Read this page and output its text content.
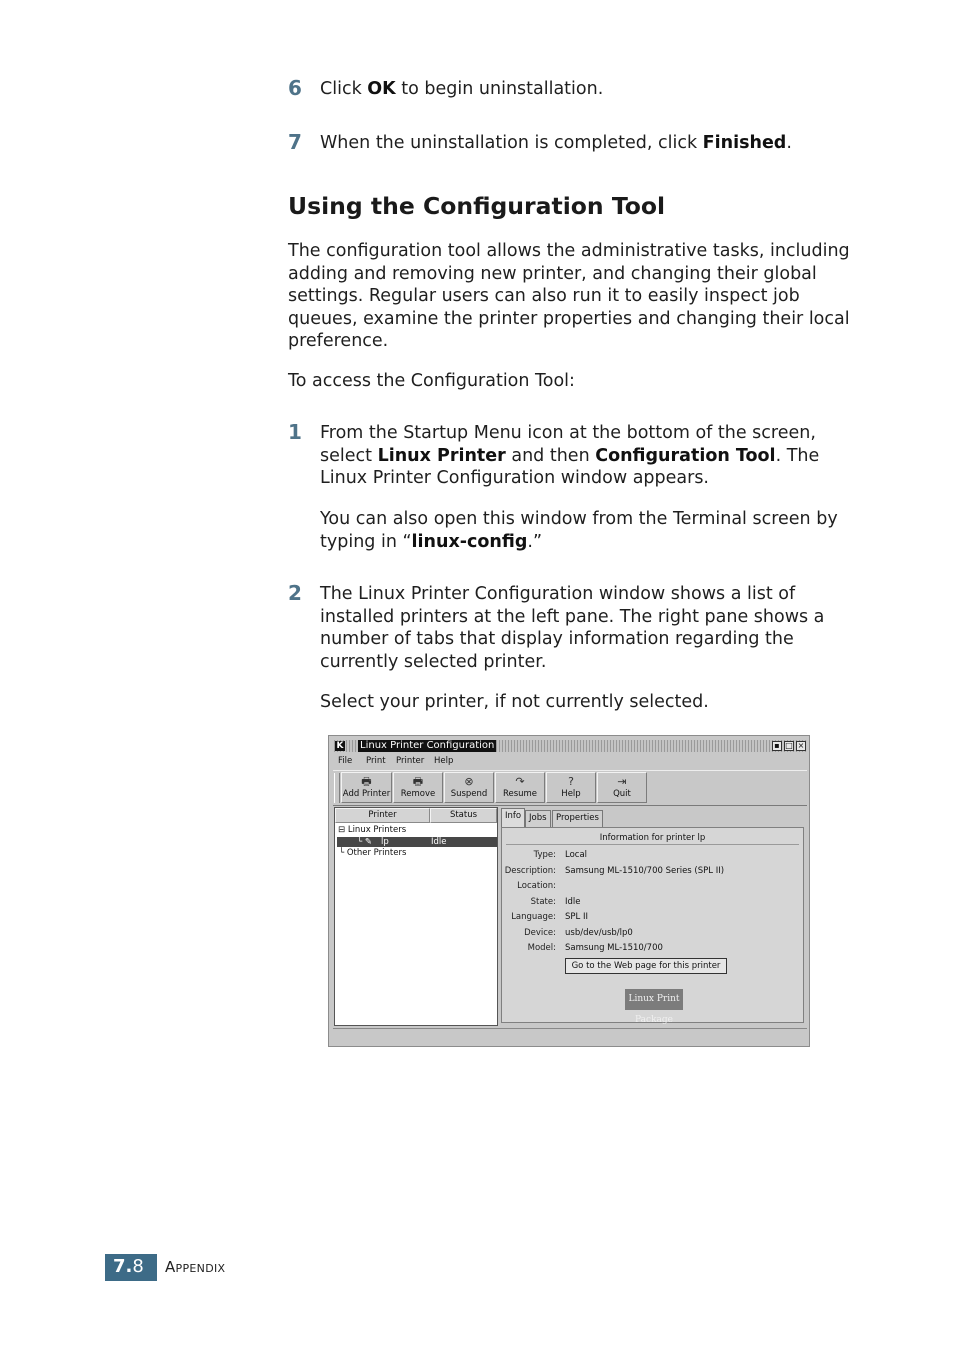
6 Click OK to begin uninstallation.
7 When the uninstallation is completed, click Finished.
Using the Configuration Tool
The configuration tool allows the administrative tasks, including
adding and removing new printer, and changing their global
settings. Regular users can also run it to easily inspect job
queues, examine the printer properties and changing their local
preference.
To access the Configuration Tool:
1 From the Startup Menu icon at the bottom of the screen,
select Linux Printer and then Configuration Tool. The
Linux Printer Configuration window appears.
You can also open this window from the Terminal screen by
typing in “linux-config.”
2 The Linux Printer Configuration window shows a list of
installed printers at the left pane. The right pane shows a
number of tabs that display information regarding the
currently selected printer.
Select your printer, if not currently selected.
K Linux Printer Configuration	▪ □ ×
File Print Printer Help
🖶
Add Printer
🖶
Remove
⊗
Suspend
↷
Resume
?
Help
⇥
Quit
Printer	Status
⊟ Linux Printers
└ ✎ lp	Idle
└ Other Printers
Info Jobs	Properties
Information for printer lp
Type: Local
Description: Samsung ML-1510/700 Series (SPL II)
Location:
State: Idle
Language: SPL II
Device: usb/dev/usb/lp0
Model: Samsung ML-1510/700
Go to the Web page for this printer
Linux Print Package
7.8 Appendix
